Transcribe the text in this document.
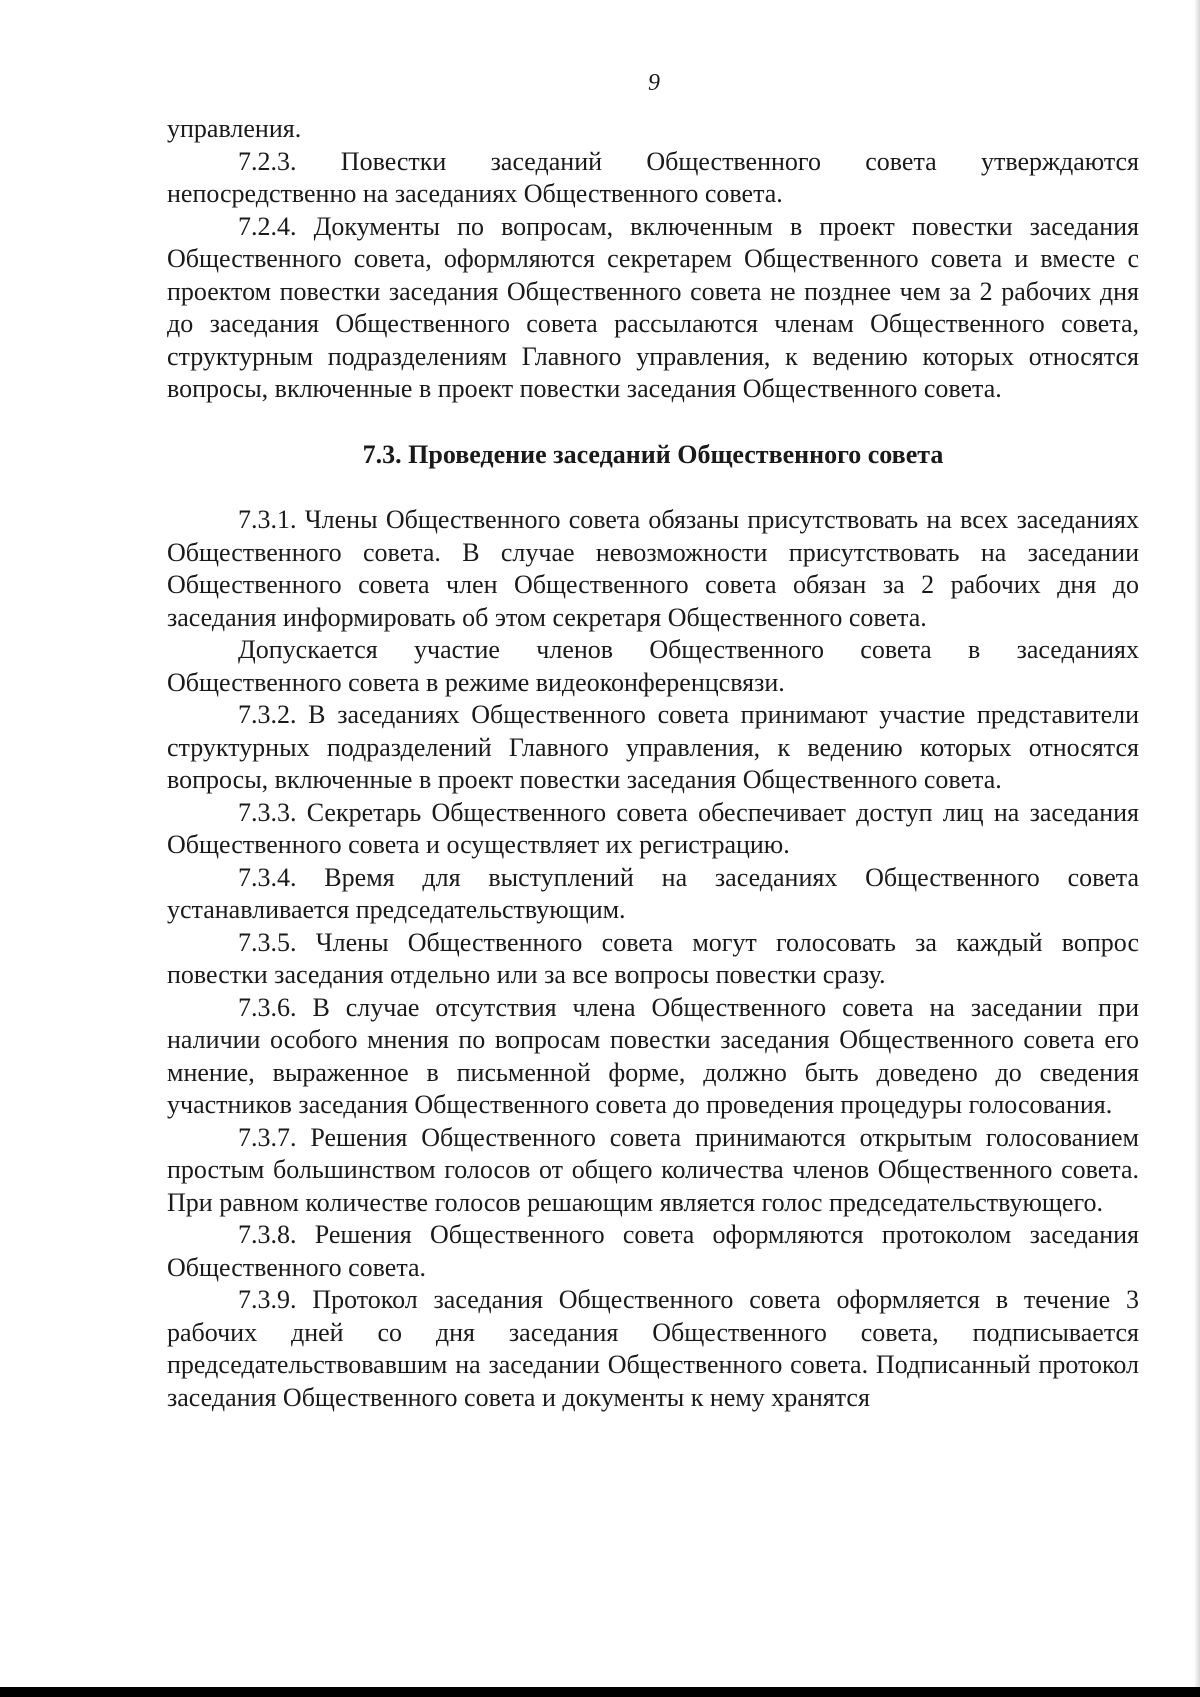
9

управления.

7.2.3. Повестки заседаний Общественного совета утверждаются непосредственно на заседаниях Общественного совета.

7.2.4. Документы по вопросам, включенным в проект повестки заседания Общественного совета, оформляются секретарем Общественного совета и вместе с проектом повестки заседания Общественного совета не позднее чем за 2 рабочих дня до заседания Общественного совета рассылаются членам Общественного совета, структурным подразделениям Главного управления, к ведению которых относятся вопросы, включенные в проект повестки заседания Общественного совета.

7.3. Проведение заседаний Общественного совета

7.3.1. Члены Общественного совета обязаны присутствовать на всех заседаниях Общественного совета. В случае невозможности присутствовать на заседании Общественного совета член Общественного совета обязан за 2 рабочих дня до заседания информировать об этом секретаря Общественного совета.

Допускается участие членов Общественного совета в заседаниях Общественного совета в режиме видеоконференцсвязи.

7.3.2. В заседаниях Общественного совета принимают участие представители структурных подразделений Главного управления, к ведению которых относятся вопросы, включенные в проект повестки заседания Общественного совета.

7.3.3. Секретарь Общественного совета обеспечивает доступ лиц на заседания Общественного совета и осуществляет их регистрацию.

7.3.4. Время для выступлений на заседаниях Общественного совета устанавливается председательствующим.

7.3.5. Члены Общественного совета могут голосовать за каждый вопрос повестки заседания отдельно или за все вопросы повестки сразу.

7.3.6. В случае отсутствия члена Общественного совета на заседании при наличии особого мнения по вопросам повестки заседания Общественного совета его мнение, выраженное в письменной форме, должно быть доведено до сведения участников заседания Общественного совета до проведения процедуры голосования.

7.3.7. Решения Общественного совета принимаются открытым голосованием простым большинством голосов от общего количества членов Общественного совета. При равном количестве голосов решающим является голос председательствующего.

7.3.8. Решения Общественного совета оформляются протоколом заседания Общественного совета.

7.3.9. Протокол заседания Общественного совета оформляется в течение 3 рабочих дней со дня заседания Общественного совета, подписывается председательствовавшим на заседании Общественного совета. Подписанный протокол заседания Общественного совета и документы к нему хранятся
